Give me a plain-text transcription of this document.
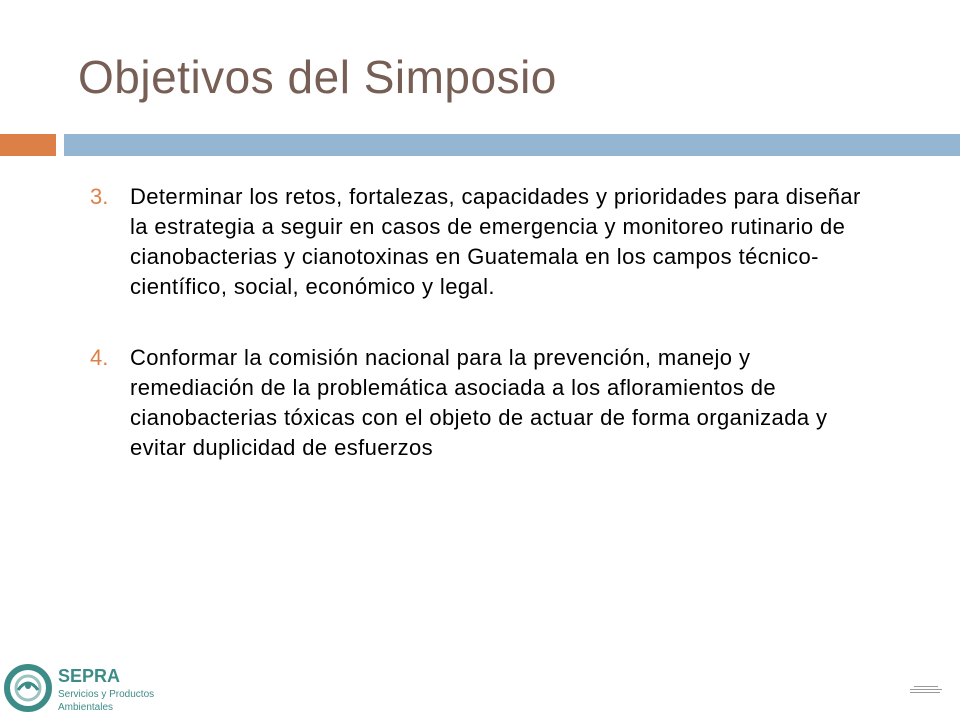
Objetivos del Simposio
3. Determinar los retos, fortalezas, capacidades y prioridades para diseñar la estrategia a seguir en casos de emergencia y monitoreo rutinario de cianobacterias y cianotoxinas en Guatemala en los campos técnico-científico, social, económico y legal.
4. Conformar la comisión nacional para la prevención, manejo y remediación de la problemática asociada a los afloramientos de cianobacterias tóxicas con el objeto de actuar de forma organizada y evitar duplicidad de esfuerzos
SEPRA
Servicios y Productos Ambientales
